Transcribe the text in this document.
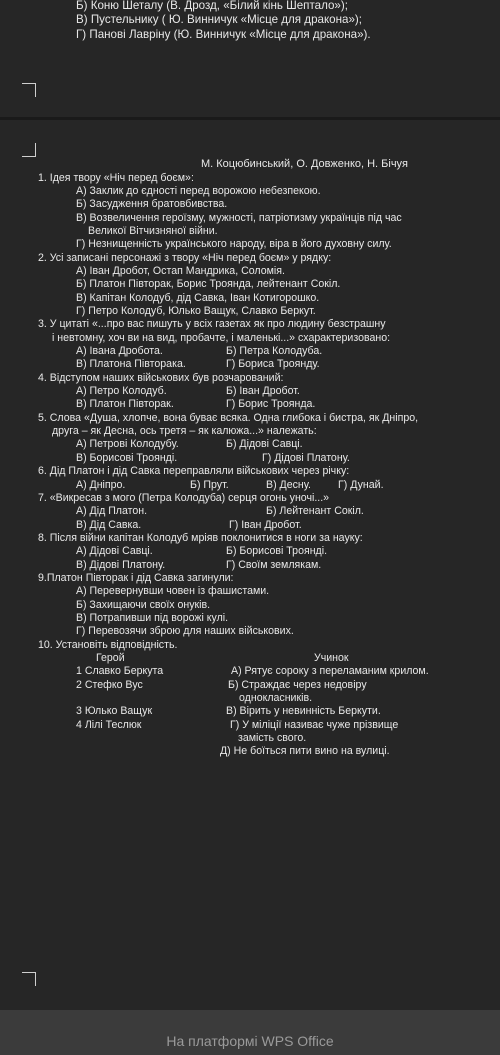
Б) Коню Шеталу (В. Дрозд, «Білий кінь Шептало»);
В) Пустельнику ( Ю. Винничук «Місце для дракона»);
Г) Панові Лавріну (Ю. Винничук «Місце для дракона»).
М. Коцюбинський, О. Довженко, Н. Бічуя
1. Ідея твору «Ніч перед боєм»:
А) Заклик до єдності перед ворожою небезпекою.
Б) Засудження братовбивства.
В) Возвеличення героїзму, мужності, патріотизму українців під час
Великої Вітчизняної війни.
Г) Незнищенність українського народу, віра в його духовну силу.
2. Усі записані персонажі з твору «Ніч перед боєм» у рядку:
А) Іван Дробот, Остап Мандрика, Соломія.
Б) Платон Півторак, Борис Троянда, лейтенант Сокіл.
В) Капітан Колодуб, дід Савка, Іван Котигорошко.
Г) Петро Колодуб, Юлько Ващук, Славко Беркут.
3. У цитаті «...про вас пишуть у всіх газетах як про людину безстрашну
і невтомну, хоч ви на вид, пробачте, і маленькі...» схарактеризовано:
А) Івана Дробота.	Б) Петра Колодуба.
В) Платона Півторака.	Г) Бориса Троянду.
4. Відступом наших військових був розчарований:
А) Петро Колодуб.	Б) Іван Дробот.
В) Платон Півторак.	Г) Борис Троянда.
5. Слова «Душа, хлопче, вона буває всяка. Одна глибока і бистра, як Дніпро,
друга – як Десна, ось третя – як калюжа...» належать:
А) Петрові Колодубу.	Б) Дідові Савці.
В) Борисові Троянді.	Г) Дідові Платону.
6. Дід Платон і дід Савка переправляли військових через річку:
А) Дніпро.	Б) Прут.	В) Десну.	Г) Дунай.
7. «Викресав з мого (Петра Колодуба) серця огонь уночі...»
А) Дід Платон.	Б) Лейтенант Сокіл.
В) Дід Савка.	Г) Іван Дробот.
8. Після війни капітан Колодуб мріяв поклонитися в ноги за науку:
А) Дідові Савці.	Б) Борисові Троянді.
В) Дідові Платону.	Г) Своїм землякам.
9.Платон Півторак і дід Савка загинули:
А) Перевернувши човен із фашистами.
Б) Захищаючи своїх онуків.
В) Потрапивши під ворожі кулі.
Г) Перевозячи зброю для наших військових.
10. Установіть відповідність.
Герой	Учинок
1 Славко Беркута	А) Рятує сороку з переламаним крилом.
2 Стефко Вус	Б) Страждає через недовіру
однокласників.
3 Юлько Ващук	В) Вірить у невинність Беркути.
4 Лілі Теслюк	Г) У міліції називає чуже прізвище
замість свого.
Д) Не боїться пити вино на вулиці.
На платформі WPS Office
